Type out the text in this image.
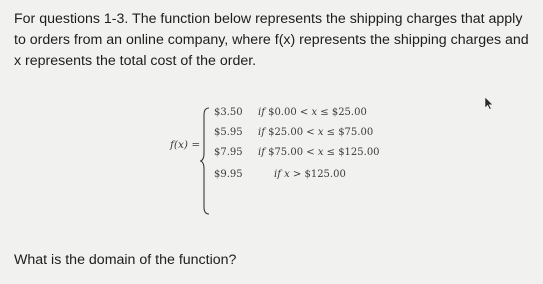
For questions 1-3. The function below represents the shipping charges that apply to orders from an online company, where f(x) represents the shipping charges and x represents the total cost of the order.

f(x) =
$3.50 if $0.00 < x ≤ $25.00
$5.95 if $25.00 < x ≤ $75.00
$7.95 if $75.00 < x ≤ $125.00
$9.95	if x > $125.00

What is the domain of the function?
